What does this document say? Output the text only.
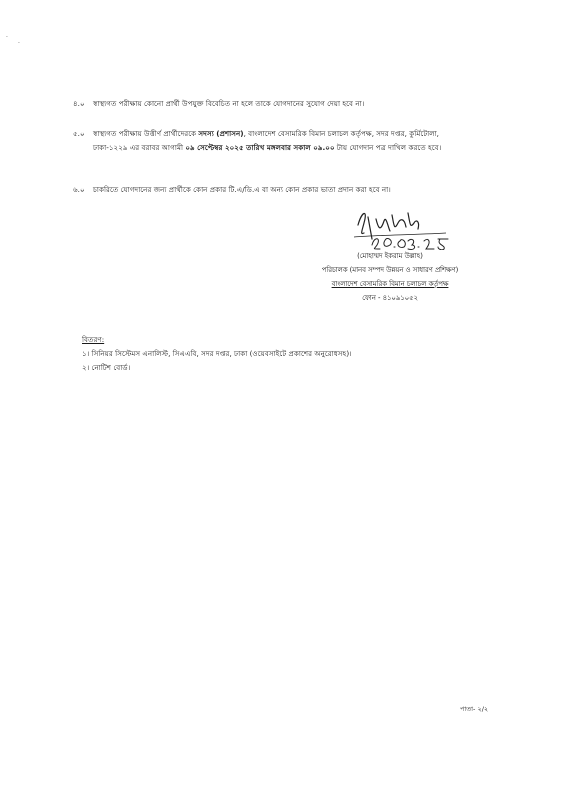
·
·
৪.০	স্বাস্থ্যগত পরীক্ষায় কোনো প্রার্থী উপযুক্ত বিবেচিত না হলে তাকে যোগদানের সুযোগ দেয়া হবে না।
৫.০	স্বাস্থ্যগত পরীক্ষায় উত্তীর্ণ প্রার্থীদেরকে সদস্য (প্রশাসন), বাংলাদেশ বেসামরিক বিমান চলাচল কর্তৃপক্ষ, সদর দপ্তর, কুর্মিটোলা, ঢাকা-১২২৯ এর বরাবর আগামী ০৯ সেপ্টেম্বর ২০২৫ তারিখ মঙ্গলবার সকাল ০৯.০০ টায় যোগদান পত্র দাখিল করতে হবে।
৬.০	চাকরিতে যোগদানের জন্য প্রার্থীকে কোন প্রকার টি.এ/ডি.এ বা অন্য কোন প্রকার ভাতা প্রদান করা হবে না।
(মোহাম্মদ ইকরাম উল্লাহ)
পরিচালক (মানব সম্পদ উন্নয়ন ও সাধারণ প্রশিক্ষণ)
বাংলাদেশ বেসামরিক বিমান চলাচল কর্তৃপক্ষ
ফোন - ৪১০৯১০৫২
বিতরণ:
১। সিনিয়র সিস্টেমস এনালিস্ট, সিএএবি, সদর দপ্তর, ঢাকা (ওয়েবসাইটে প্রকাশের অনুরোধসহ)।
২। নোটিশ বোর্ড।
পাতা- ২/২
